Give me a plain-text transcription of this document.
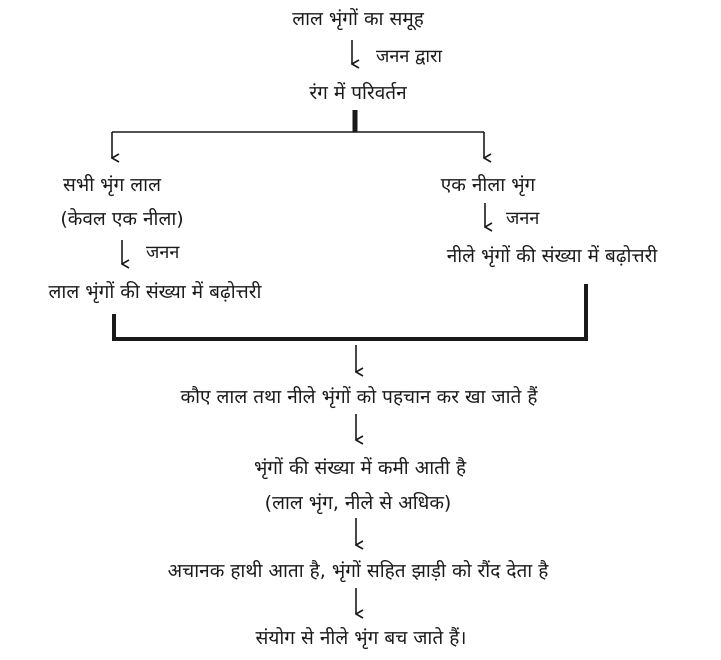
लाल भृंगों का समूह
जनन द्वारा
रंग में परिवर्तन
सभी भृंग लाल
(केवल एक नीला)
जनन
लाल भृंगों की संख्या में बढ़ोत्तरी
एक नीला भृंग
जनन
नीले भृंगों की संख्या में बढ़ोत्तरी
कौए लाल तथा नीले भृंगों को पहचान कर खा जाते हैं
भृंगों की संख्या में कमी आती है
(लाल भृंग, नीले से अधिक)
अचानक हाथी आता है, भृंगों सहित झाड़ी को रौंद देता है
संयोग से नीले भृंग बच जाते हैं।
